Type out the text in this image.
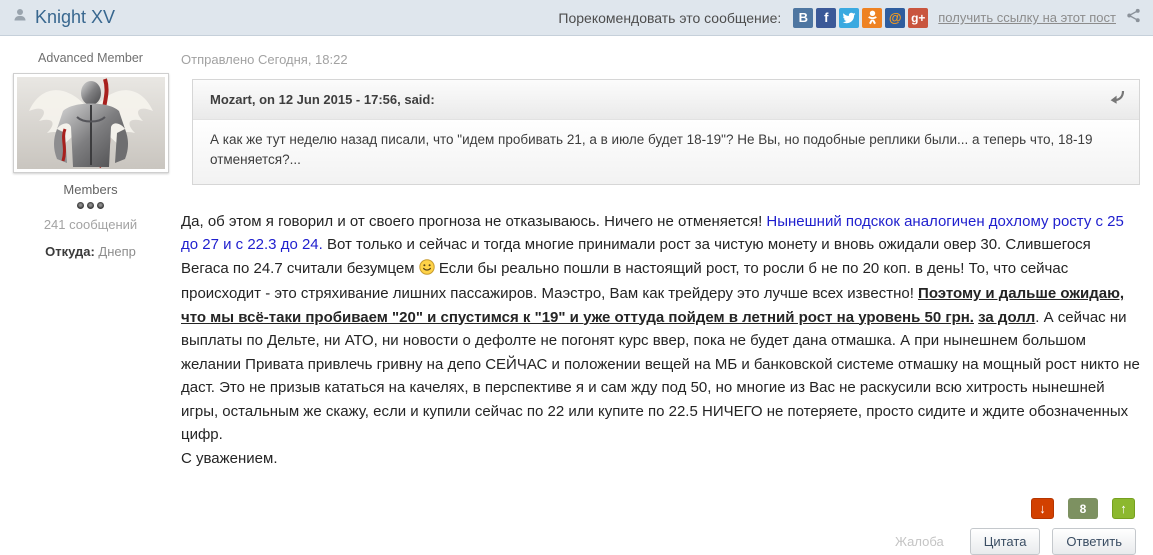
Knight XV	Порекомендовать это сообщение:	В	f	@ g+ получить ссылку на этот пост
Advanced Member
Members
241 сообщений
Откуда: Днепр
Отправлено Сегодня, 18:22
Mozart, on 12 Jun 2015 - 17:56, said:
А как же тут неделю назад писали, что "идем пробивать 21, а в июле будет 18-19"? Не Вы, но подобные реплики были... а теперь что, 18-19 отменяется?...
Да, об этом я говорил и от своего прогноза не отказываюсь. Ничего не отменяется! Нынешний подскок аналогичен дохлому росту с 25 до 27 и с 22.3 до 24. Вот только и сейчас и тогда многие принимали рост за чистую монету и вновь ожидали овер 30. Слившегося Вегаса по 24.7 считали безумцем  Если бы реально пошли в настоящий рост, то росли б не по 20 коп. в день! То, что сейчас происходит - это стряхивание лишних пассажиров. Маэстро, Вам как трейдеру это лучше всех известно! Поэтому и дальше ожидаю, что мы всё-таки пробиваем "20" и спустимся к "19" и уже оттуда пойдем в летний рост на уровень 50 грн. за долл. А сейчас ни выплаты по Дельте, ни АТО, ни новости о дефолте не погонят курс ввер, пока не будет дана отмашка. А при нынешнем большом желании Привата привлечь гривну на депо СЕЙЧАС и положении вещей на МБ и банковской системе отмашку на мощный рост никто не даст. Это не призыв кататься на качелях, в перспективе я и сам жду под 50, но многие из Вас не раскусили всю хитрость нынешней игры, остальным же скажу, если и купили сейчас по 22 или купите по 22.5 НИЧЕГО не потеряете, просто сидите и ждите обозначенных цифр.
С уважением.
↓	8	↑
Жалоба	Цитата	Ответить
